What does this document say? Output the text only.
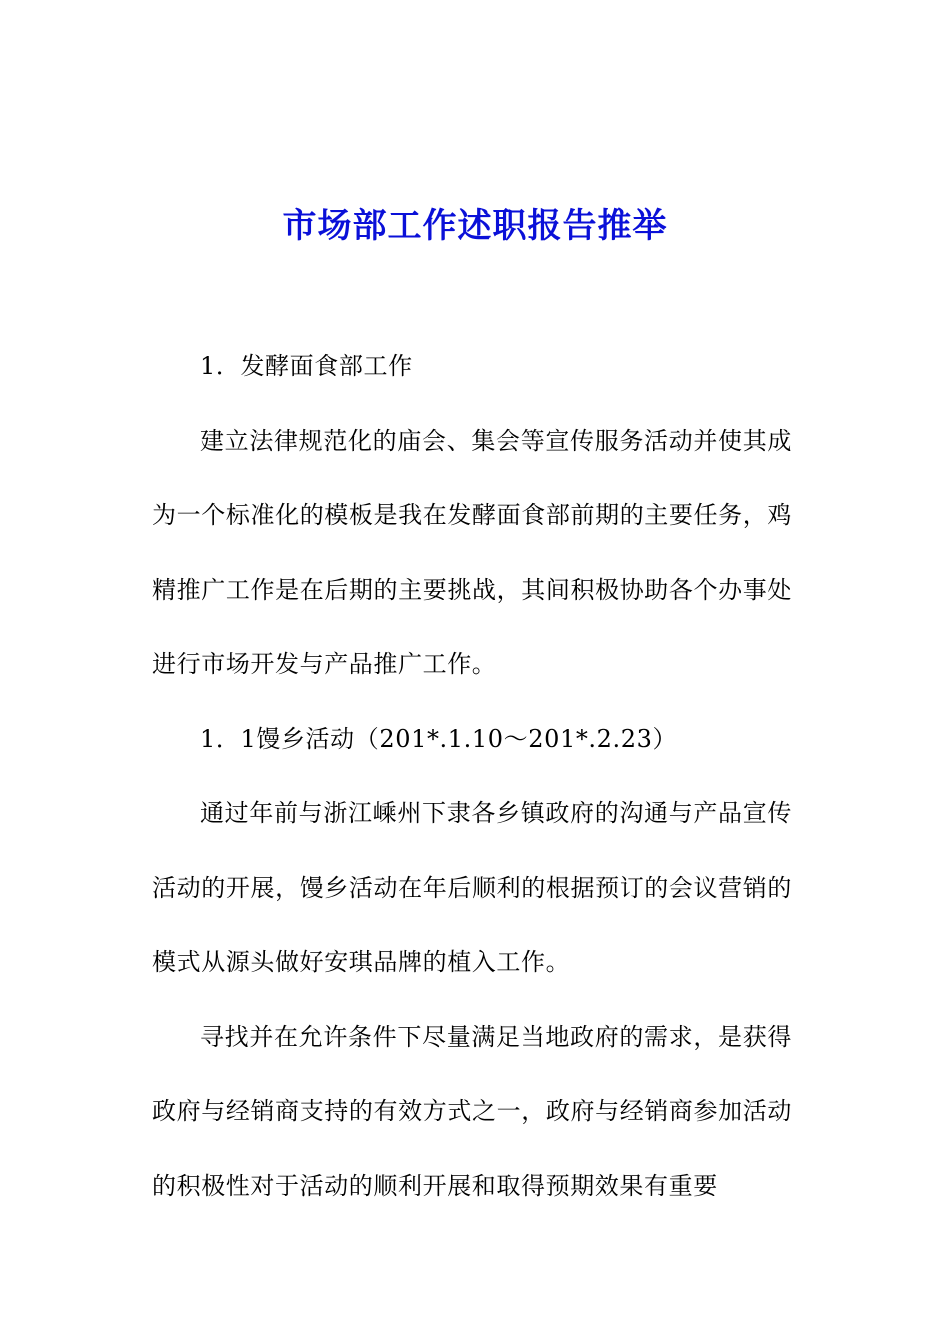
市场部工作述职报告推举

1．发酵面食部工作

建立法律规范化的庙会、集会等宣传服务活动并使其成为一个标准化的模板是我在发酵面食部前期的主要任务，鸡精推广工作是在后期的主要挑战，其间积极协助各个办事处进行市场开发与产品推广工作。

1．1馒乡活动（201*.1.10～201*.2.23）

通过年前与浙江嵊州下隶各乡镇政府的沟通与产品宣传活动的开展，馒乡活动在年后顺利的根据预订的会议营销的模式从源头做好安琪品牌的植入工作。

寻找并在允许条件下尽量满足当地政府的需求，是获得政府与经销商支持的有效方式之一，政府与经销商参加活动的积极性对于活动的顺利开展和取得预期效果有重要
